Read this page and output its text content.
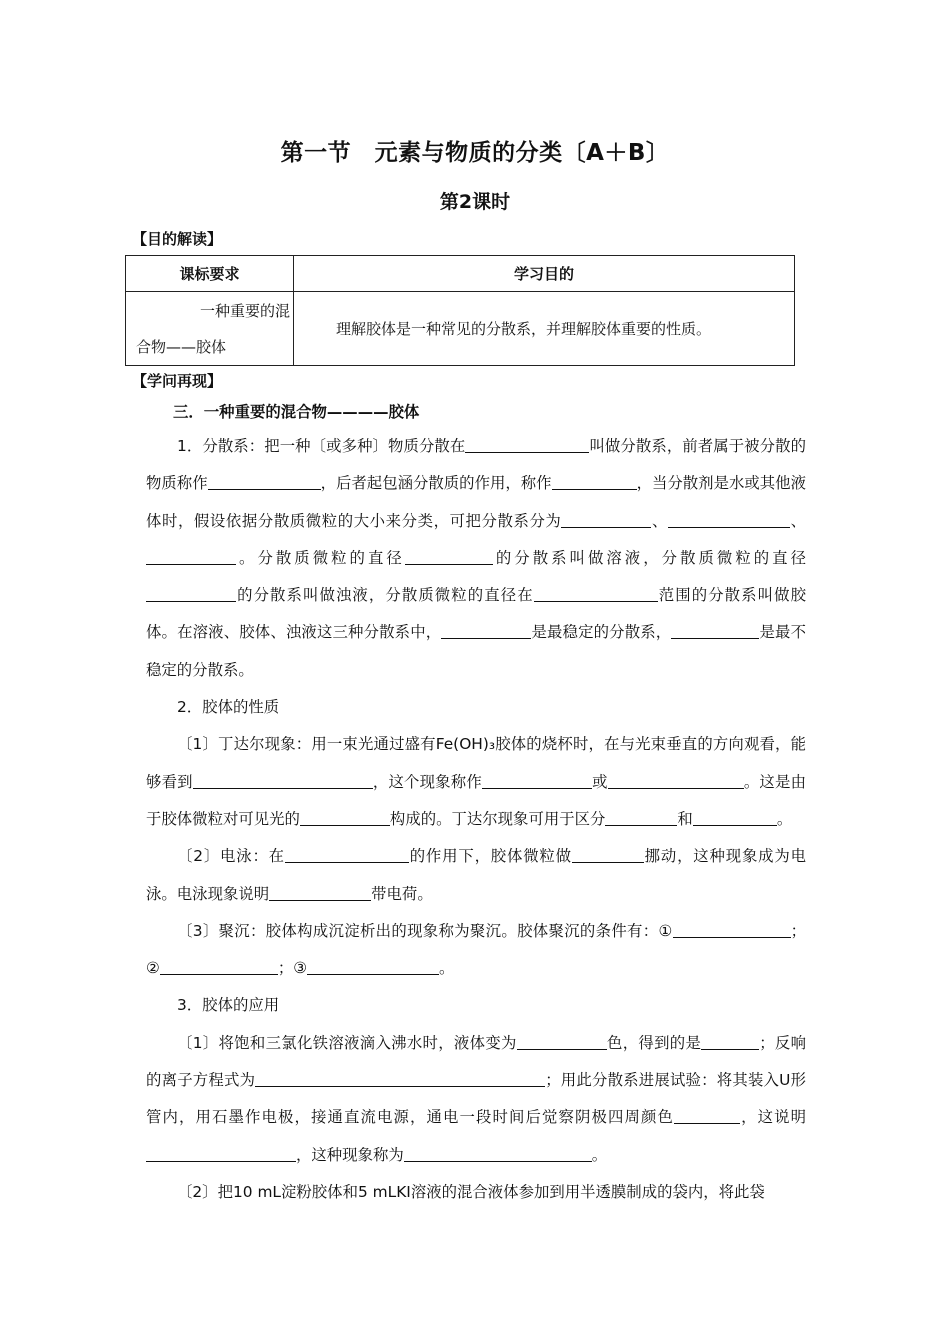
第一节　元素与物质的分类〔A＋B〕
第2课时
【目的解读】
课标要求	学习目的

一种重要的混
合物——胶体	理解胶体是一种常见的分散系，并理解胶体重要的性质。
【学问再现】

三．一种重要的混合物————胶体

1．分散系：把一种〔或多种〕物质分散在	叫做分散系，前者属于被分散的物质称作	，后者起包涵分散质的作用，称作	，当分散剂是水或其他液体时，假设依据分散质微粒的大小来分类，可把分散系分为	、	、。分散质微粒的直径	的分散系叫做溶液，分散质微粒的直径的分散系叫做浊液，分散质微粒的直径在	范围的分散系叫做胶体。在溶液、胶体、浊液这三种分散系中，	是最稳定的分散系，	是最不稳定的分散系。

2．胶体的性质

〔1〕丁达尔现象：用一束光通过盛有Fe(OH)₃胶体的烧杯时，在与光束垂直的方向观看，能够看到	，这个现象称作	或	。这是由于胶体微粒对可见光的	构成的。丁达尔现象可用于区分	和	。

〔2〕电泳：在	的作用下，胶体微粒做	挪动，这种现象成为电泳。电泳现象说明	带电荷。

〔3〕聚沉：胶体构成沉淀析出的现象称为聚沉。胶体聚沉的条件有：①	；②	；③	。

3．胶体的应用

〔1〕将饱和三氯化铁溶液滴入沸水时，液体变为	色，得到的是	；反响的离子方程式为	；用此分散系进展试验：将其装入U形管内，用石墨作电极，接通直流电源，通电一段时间后觉察阴极四周颜色	，这说明，这种现象称为	。

〔2〕把10 mL淀粉胶体和5 mLKI溶液的混合液体参加到用半透膜制成的袋内，将此袋
